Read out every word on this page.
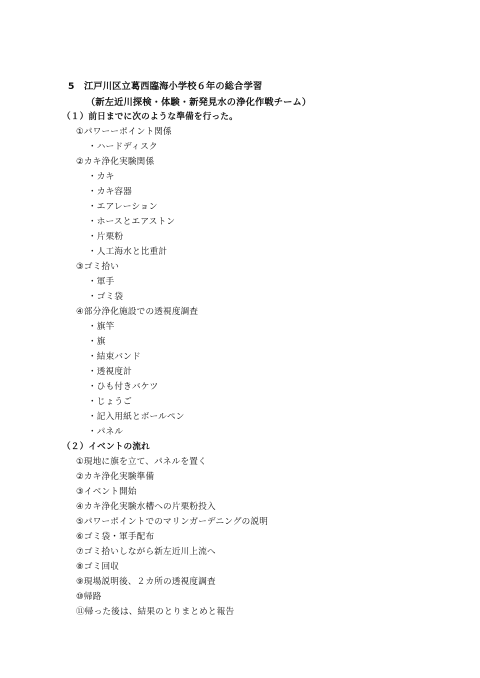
5　江戸川区立葛西臨海小学校６年の総合学習
（新左近川探検・体験・新発見水の浄化作戦チーム）
（１）前日までに次のような準備を行った。
①パワーーポイント関係
・ハードディスク
②カキ浄化実験関係
・カキ
・カキ容器
・エアレーション
・ホースとエアストン
・片栗粉
・人工海水と比重計
③ゴミ拾い
・軍手
・ゴミ袋
④部分浄化施設での透視度調査
・旗竿
・旗
・結束バンド
・透視度計
・ひも付きバケツ
・じょうご
・記入用紙とボールペン
・パネル
（２）イベントの流れ
①現地に旗を立て、パネルを置く
②カキ浄化実験準備
③イベント開始
④カキ浄化実験水槽への片栗粉投入
⑤パワーポイントでのマリンガーデニングの説明
⑥ゴミ袋・軍手配布
⑦ゴミ拾いしながら新左近川上流へ
⑧ゴミ回収
⑨現場説明後、２カ所の透視度調査
⑩帰路
⑪帰った後は、結果のとりまとめと報告
